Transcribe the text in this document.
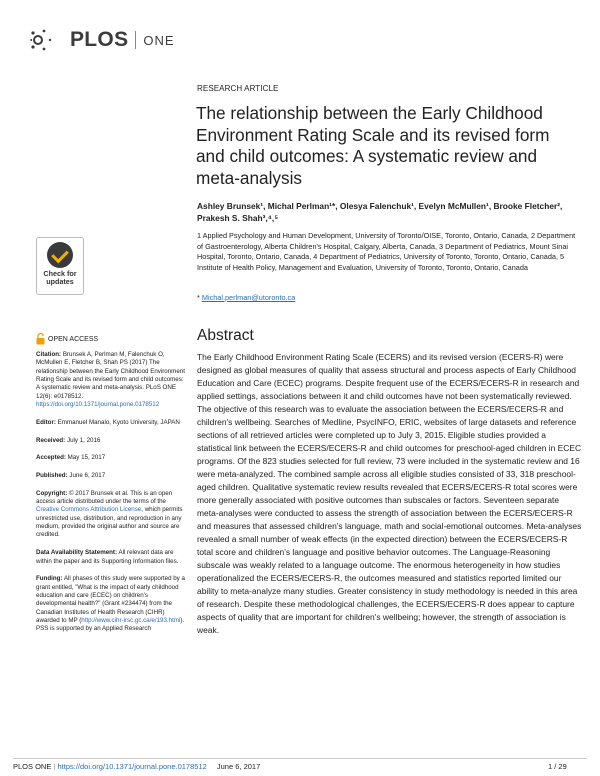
PLOS ONE
Check for updates
OPEN ACCESS

Citation: Brunsek A, Perlman M, Falenchuk O, McMullen E, Fletcher B, Shah PS (2017) The relationship between the Early Childhood Environment Rating Scale and its revised form and child outcomes: A systematic review and meta-analysis. PLoS ONE 12(6): e0178512. https://doi.org/10.1371/journal.pone.0178512

Editor: Emmanuel Manalo, Kyoto University, JAPAN

Received: July 1, 2016

Accepted: May 15, 2017

Published: June 6, 2017

Copyright: © 2017 Brunsek et al. This is an open access article distributed under the terms of the Creative Commons Attribution License, which permits unrestricted use, distribution, and reproduction in any medium, provided the original author and source are credited.

Data Availability Statement: All relevant data are within the paper and its Supporting Information files.

Funding: All phases of this study were supported by a grant entitled, "What is the impact of early childhood education and care (ECEC) on children's developmental health?" (Grant #234474) from the Canadian Institutes of Health Research (CIHR) awarded to MP (http://www.cihr-irsc.gc.ca/e/193.html). PSS is supported by an Applied Research

RESEARCH ARTICLE
The relationship between the Early Childhood Environment Rating Scale and its revised form and child outcomes: A systematic review and meta-analysis
Ashley Brunsek¹, Michal Perlman¹*, Olesya Falenchuk¹, Evelyn McMullen¹, Brooke Fletcher², Prakesh S. Shah³,⁴,⁵
1 Applied Psychology and Human Development, University of Toronto/OISE, Toronto, Ontario, Canada, 2 Department of Gastroenterology, Alberta Children's Hospital, Calgary, Alberta, Canada, 3 Department of Pediatrics, Mount Sinai Hospital, Toronto, Ontario, Canada, 4 Department of Pediatrics, University of Toronto, Toronto, Ontario, Canada, 5 Institute of Health Policy, Management and Evaluation, University of Toronto, Toronto, Ontario, Canada
* Michal.perlman@utoronto.ca
Abstract
The Early Childhood Environment Rating Scale (ECERS) and its revised version (ECERS-R) were designed as global measures of quality that assess structural and process aspects of Early Childhood Education and Care (ECEC) programs. Despite frequent use of the ECERS/ECERS-R in research and applied settings, associations between it and child outcomes have not been systematically reviewed. The objective of this research was to evaluate the association between the ECERS/ECERS-R and children's wellbeing. Searches of Medline, PsycINFO, ERIC, websites of large datasets and reference sections of all retrieved articles were completed up to July 3, 2015. Eligible studies provided a statistical link between the ECERS/ECERS-R and child outcomes for preschool-aged children in ECEC programs. Of the 823 studies selected for full review, 73 were included in the systematic review and 16 were meta-analyzed. The combined sample across all eligible studies consisted of 33, 318 preschool-aged children. Qualitative systematic review results revealed that ECERS/ECERS-R total scores were more generally associated with positive outcomes than subscales or factors. Seventeen separate meta-analyses were conducted to assess the strength of association between the ECERS/ECERS-R and measures that assessed children's language, math and social-emotional outcomes. Meta-analyses revealed a small number of weak effects (in the expected direction) between the ECERS/ECERS-R total score and children's language and positive behavior outcomes. The Language-Reasoning subscale was weakly related to a language outcome. The enormous heterogeneity in how studies operationalized the ECERS/ECERS-R, the outcomes measured and statistics reported limited our ability to meta-analyze many studies. Greater consistency in study methodology is needed in this area of research. Despite these methodological challenges, the ECERS/ECERS-R does appear to capture aspects of quality that are important for children's wellbeing; however, the strength of association is weak.
PLOS ONE | https://doi.org/10.1371/journal.pone.0178512 June 6, 2017	1 / 29
